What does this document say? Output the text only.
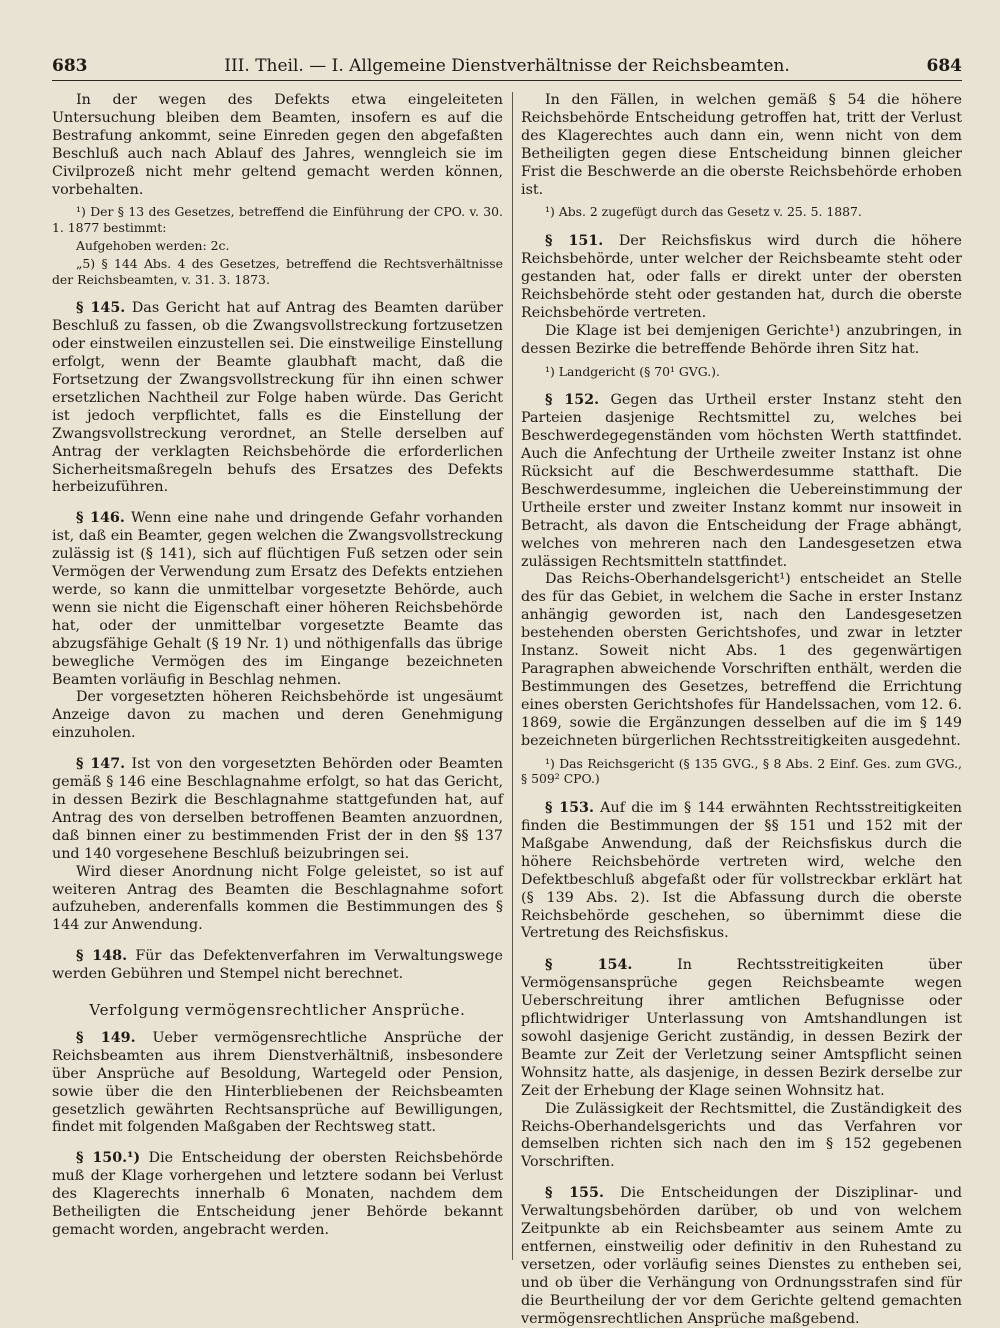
683	III. Theil. — I. Allgemeine Dienstverhältnisse der Reichsbeamten.	684

In der wegen des Defekts etwa eingeleiteten Untersuchung bleiben dem Beamten, insofern es auf die Bestrafung ankommt, seine Einreden gegen den abgefaßten Beschluß auch nach Ablauf des Jahres, wenngleich sie im Civilprozeß nicht mehr geltend gemacht werden können, vorbehalten.

¹) Der § 13 des Gesetzes, betreffend die Einführung der CPO. v. 30. 1. 1877 bestimmt:

Aufgehoben werden: 2c.

„5) § 144 Abs. 4 des Gesetzes, betreffend die Rechtsverhältnisse der Reichsbeamten, v. 31. 3. 1873.

§ 145. Das Gericht hat auf Antrag des Beamten darüber Beschluß zu fassen, ob die Zwangsvollstreckung fortzusetzen oder einstweilen einzustellen sei. Die einstweilige Einstellung erfolgt, wenn der Beamte glaubhaft macht, daß die Fortsetzung der Zwangsvollstreckung für ihn einen schwer ersetzlichen Nachtheil zur Folge haben würde. Das Gericht ist jedoch verpflichtet, falls es die Einstellung der Zwangsvollstreckung verordnet, an Stelle derselben auf Antrag der verklagten Reichsbehörde die erforderlichen Sicherheitsmaßregeln behufs des Ersatzes des Defekts herbeizuführen.

§ 146. Wenn eine nahe und dringende Gefahr vorhanden ist, daß ein Beamter, gegen welchen die Zwangsvollstreckung zulässig ist (§ 141), sich auf flüchtigen Fuß setzen oder sein Vermögen der Verwendung zum Ersatz des Defekts entziehen werde, so kann die unmittelbar vorgesetzte Behörde, auch wenn sie nicht die Eigenschaft einer höheren Reichsbehörde hat, oder der unmittelbar vorgesetzte Beamte das abzugsfähige Gehalt (§ 19 Nr. 1) und nöthigenfalls das übrige bewegliche Vermögen des im Eingange bezeichneten Beamten vorläufig in Beschlag nehmen.

Der vorgesetzten höheren Reichsbehörde ist ungesäumt Anzeige davon zu machen und deren Genehmigung einzuholen.

§ 147. Ist von den vorgesetzten Behörden oder Beamten gemäß § 146 eine Beschlagnahme erfolgt, so hat das Gericht, in dessen Bezirk die Beschlagnahme stattgefunden hat, auf Antrag des von derselben betroffenen Beamten anzuordnen, daß binnen einer zu bestimmenden Frist der in den §§ 137 und 140 vorgesehene Beschluß beizubringen sei.

Wird dieser Anordnung nicht Folge geleistet, so ist auf weiteren Antrag des Beamten die Beschlagnahme sofort aufzuheben, anderenfalls kommen die Bestimmungen des § 144 zur Anwendung.

§ 148. Für das Defektenverfahren im Verwaltungswege werden Gebühren und Stempel nicht berechnet.

Verfolgung vermögensrechtlicher Ansprüche.

§ 149. Ueber vermögensrechtliche Ansprüche der Reichsbeamten aus ihrem Dienstverhältniß, insbesondere über Ansprüche auf Besoldung, Wartegeld oder Pension, sowie über die den Hinterbliebenen der Reichsbeamten gesetzlich gewährten Rechtsansprüche auf Bewilligungen, findet mit folgenden Maßgaben der Rechtsweg statt.

§ 150.¹) Die Entscheidung der obersten Reichsbehörde muß der Klage vorhergehen und letztere sodann bei Verlust des Klagerechts innerhalb 6 Monaten, nachdem dem Betheiligten die Entscheidung jener Behörde bekannt gemacht worden, angebracht werden.

In den Fällen, in welchen gemäß § 54 die höhere Reichsbehörde Entscheidung getroffen hat, tritt der Verlust des Klagerechtes auch dann ein, wenn nicht von dem Betheiligten gegen diese Entscheidung binnen gleicher Frist die Beschwerde an die oberste Reichsbehörde erhoben ist.

¹) Abs. 2 zugefügt durch das Gesetz v. 25. 5. 1887.

§ 151. Der Reichsfiskus wird durch die höhere Reichsbehörde, unter welcher der Reichsbeamte steht oder gestanden hat, oder falls er direkt unter der obersten Reichsbehörde steht oder gestanden hat, durch die oberste Reichsbehörde vertreten.

Die Klage ist bei demjenigen Gerichte¹) anzubringen, in dessen Bezirke die betreffende Behörde ihren Sitz hat.

¹) Landgericht (§ 70¹ GVG.).

§ 152. Gegen das Urtheil erster Instanz steht den Parteien dasjenige Rechtsmittel zu, welches bei Beschwerdegegenständen vom höchsten Werth stattfindet. Auch die Anfechtung der Urtheile zweiter Instanz ist ohne Rücksicht auf die Beschwerdesumme statthaft. Die Beschwerdesumme, ingleichen die Uebereinstimmung der Urtheile erster und zweiter Instanz kommt nur insoweit in Betracht, als davon die Entscheidung der Frage abhängt, welches von mehreren nach den Landesgesetzen etwa zulässigen Rechtsmitteln stattfindet.

Das Reichs-Oberhandelsgericht¹) entscheidet an Stelle des für das Gebiet, in welchem die Sache in erster Instanz anhängig geworden ist, nach den Landesgesetzen bestehenden obersten Gerichtshofes, und zwar in letzter Instanz. Soweit nicht Abs. 1 des gegenwärtigen Paragraphen abweichende Vorschriften enthält, werden die Bestimmungen des Gesetzes, betreffend die Errichtung eines obersten Gerichtshofes für Handelssachen, vom 12. 6. 1869, sowie die Ergänzungen desselben auf die im § 149 bezeichneten bürgerlichen Rechtsstreitigkeiten ausgedehnt.

¹) Das Reichsgericht (§ 135 GVG., § 8 Abs. 2 Einf. Ges. zum GVG., § 509² CPO.)

§ 153. Auf die im § 144 erwähnten Rechtsstreitigkeiten finden die Bestimmungen der §§ 151 und 152 mit der Maßgabe Anwendung, daß der Reichsfiskus durch die höhere Reichsbehörde vertreten wird, welche den Defektbeschluß abgefaßt oder für vollstreckbar erklärt hat (§ 139 Abs. 2). Ist die Abfassung durch die oberste Reichsbehörde geschehen, so übernimmt diese die Vertretung des Reichsfiskus.

§ 154.	In Rechtsstreitigkeiten über Vermögensansprüche gegen Reichsbeamte wegen Ueberschreitung ihrer amtlichen Befugnisse oder pflichtwidriger Unterlassung von Amtshandlungen ist sowohl dasjenige Gericht zuständig, in dessen Bezirk der Beamte zur Zeit der Verletzung seiner Amtspflicht seinen Wohnsitz hatte, als dasjenige, in dessen Bezirk derselbe zur Zeit der Erhebung der Klage seinen Wohnsitz hat.

Die Zulässigkeit der Rechtsmittel, die Zuständigkeit des Reichs-Oberhandelsgerichts und das Verfahren vor demselben richten sich nach den im § 152 gegebenen Vorschriften.

§ 155. Die Entscheidungen der Disziplinar- und Verwaltungsbehörden darüber, ob und von welchem Zeitpunkte ab ein Reichsbeamter aus seinem Amte zu entfernen, einstweilig oder definitiv in den Ruhestand zu versetzen, oder vorläufig seines Dienstes zu entheben sei, und ob über die Verhängung von Ordnungsstrafen sind für die Beurtheilung der vor dem Gerichte geltend gemachten vermögensrechtlichen Ansprüche maßgebend.
